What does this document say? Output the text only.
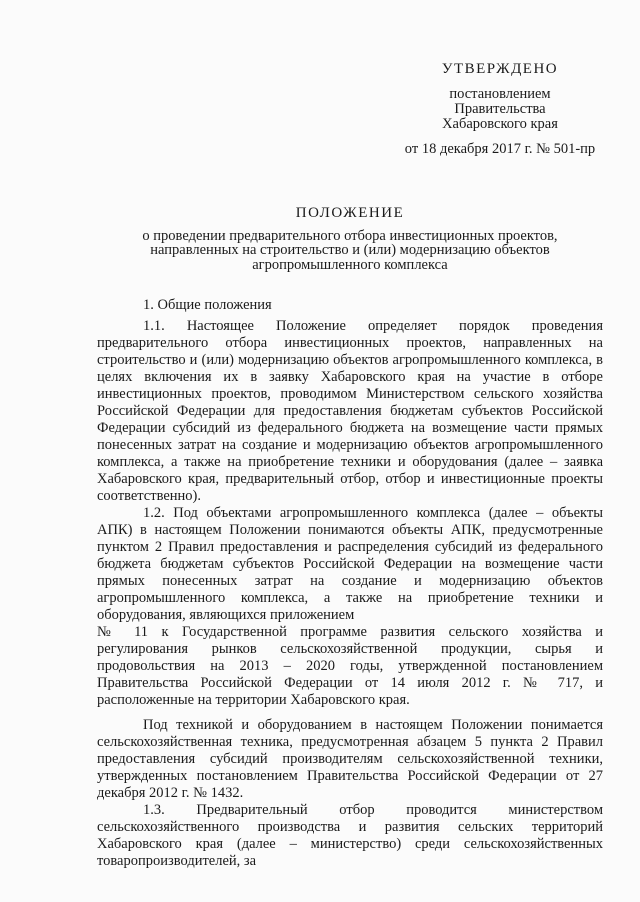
УТВЕРЖДЕНО
постановлением
Правительства
Хабаровского края
от 18 декабря 2017 г. № 501-пр
ПОЛОЖЕНИЕ
о проведении предварительного отбора инвестиционных проектов,
направленных на строительство и (или) модернизацию объектов
агропромышленного комплекса

1. Общие положения

1.1. Настоящее Положение определяет порядок проведения предварительного отбора инвестиционных проектов, направленных на строительство и (или) модернизацию объектов агропромышленного комплекса, в целях включения их в заявку Хабаровского края на участие в отборе инвестиционных проектов, проводимом Министерством сельского хозяйства Российской Федерации для предоставления бюджетам субъектов Российской Федерации субсидий из федерального бюджета на возмещение части прямых понесенных затрат на создание и модернизацию объектов агропромышленного комплекса, а также на приобретение техники и оборудования (далее – заявка Хабаровского края, предварительный отбор, отбор и инвестиционные проекты соответственно).

1.2. Под объектами агропромышленного комплекса (далее – объекты АПК) в настоящем Положении понимаются объекты АПК, предусмотренные пунктом 2 Правил предоставления и распределения субсидий из федерального бюджета бюджетам субъектов Российской Федерации на возмещение части прямых понесенных затрат на создание и модернизацию объектов агропромышленного комплекса, а также на приобретение техники и оборудования, являющихся приложением

№ 11 к Государственной программе развития сельского хозяйства и регулирования рынков сельскохозяйственной продукции, сырья и продовольствия на 2013 – 2020 годы, утвержденной постановлением Правительства Российской Федерации от 14 июля 2012 г. № 717, и расположенные на территории Хабаровского края.

Под техникой и оборудованием в настоящем Положении понимается сельскохозяйственная техника, предусмотренная абзацем 5 пункта 2 Правил предоставления субсидий производителям сельскохозяйственной техники, утвержденных постановлением Правительства Российской Федерации от 27 декабря 2012 г. № 1432.

1.3. Предварительный отбор проводится министерством сельскохозяйственного производства и развития сельских территорий Хабаровского края (далее – министерство) среди сельскохозяйственных товаропроизводителей, за
